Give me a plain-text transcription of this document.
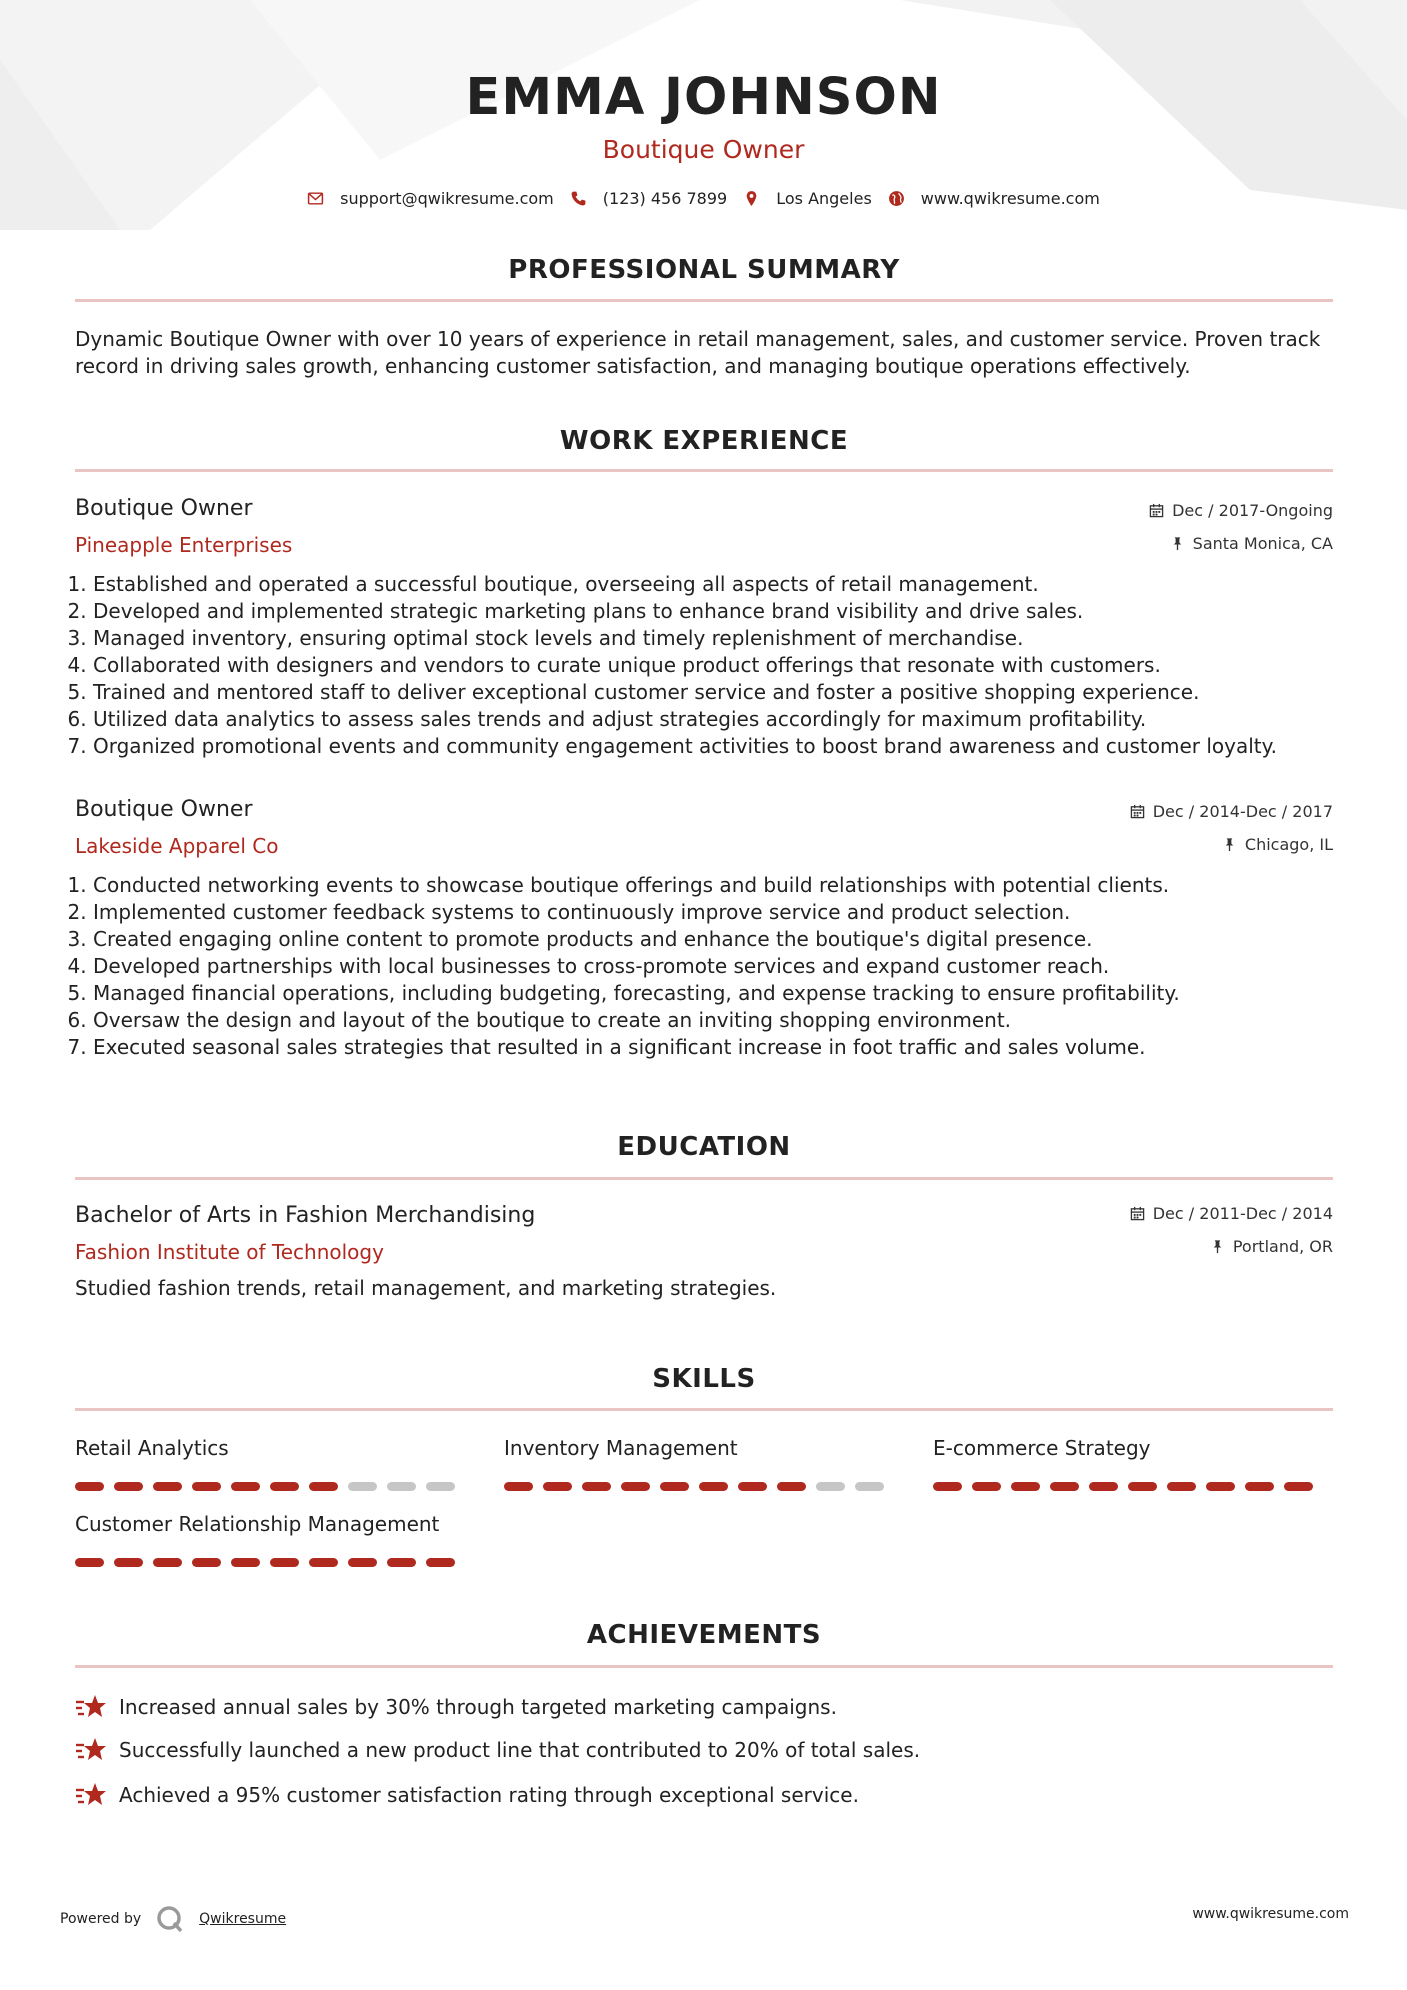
EMMA JOHNSON
Boutique Owner
support@qwikresume.com	(123) 456 7899	Los Angeles	www.qwikresume.com
PROFESSIONAL SUMMARY
Dynamic Boutique Owner with over 10 years of experience in retail management, sales, and customer service. Proven track record in driving sales growth, enhancing customer satisfaction, and managing boutique operations effectively.
WORK EXPERIENCE
Boutique Owner
Pineapple Enterprises
Dec / 2017-Ongoing
Santa Monica, CA
1. Established and operated a successful boutique, overseeing all aspects of retail management.
2. Developed and implemented strategic marketing plans to enhance brand visibility and drive sales.
3. Managed inventory, ensuring optimal stock levels and timely replenishment of merchandise.
4. Collaborated with designers and vendors to curate unique product offerings that resonate with customers.
5. Trained and mentored staff to deliver exceptional customer service and foster a positive shopping experience.
6. Utilized data analytics to assess sales trends and adjust strategies accordingly for maximum profitability.
7. Organized promotional events and community engagement activities to boost brand awareness and customer loyalty.
Boutique Owner
Lakeside Apparel Co
Dec / 2014-Dec / 2017
Chicago, IL
1. Conducted networking events to showcase boutique offerings and build relationships with potential clients.
2. Implemented customer feedback systems to continuously improve service and product selection.
3. Created engaging online content to promote products and enhance the boutique's digital presence.
4. Developed partnerships with local businesses to cross-promote services and expand customer reach.
5. Managed financial operations, including budgeting, forecasting, and expense tracking to ensure profitability.
6. Oversaw the design and layout of the boutique to create an inviting shopping environment.
7. Executed seasonal sales strategies that resulted in a significant increase in foot traffic and sales volume.
EDUCATION
Bachelor of Arts in Fashion Merchandising
Fashion Institute of Technology
Studied fashion trends, retail management, and marketing strategies.
Dec / 2011-Dec / 2014
Portland, OR
SKILLS
Retail Analytics	Inventory Management	E-commerce Strategy
Customer Relationship Management
ACHIEVEMENTS
Increased annual sales by 30% through targeted marketing campaigns.
Successfully launched a new product line that contributed to 20% of total sales.
Achieved a 95% customer satisfaction rating through exceptional service.
Powered by	Qwikresume	www.qwikresume.com
